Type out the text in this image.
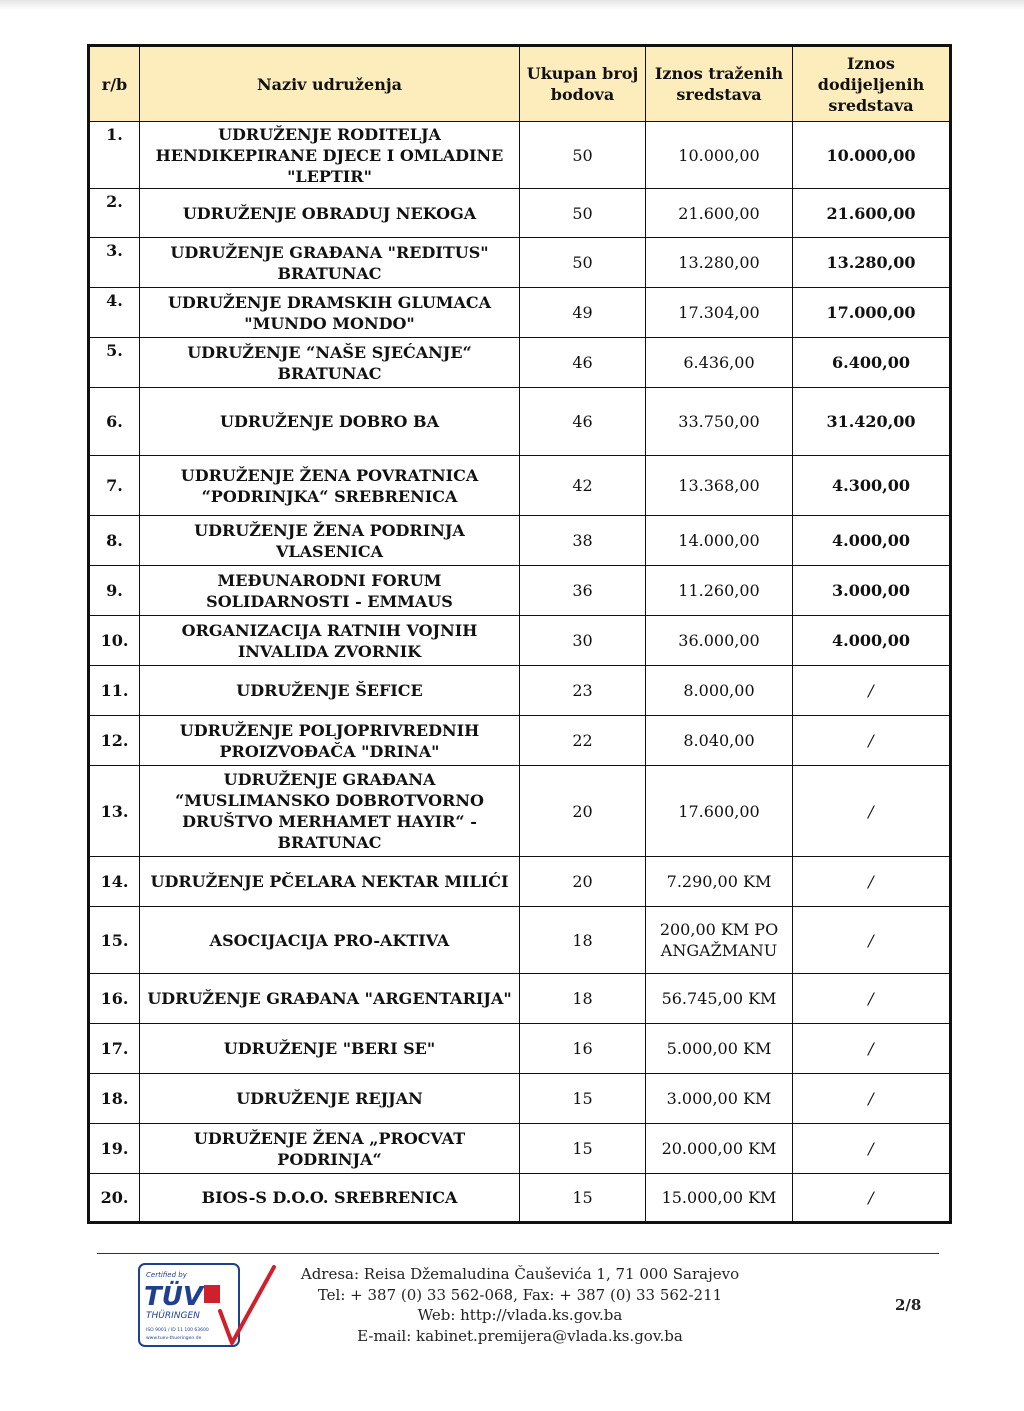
r/b	Naziv udruženja	Ukupan broj bodova	Iznos traženih sredstava	Iznos dodijeljenih sredstava
1.	UDRUŽENJE RODITELJA HENDIKEPIRANE DJECE I OMLADINE "LEPTIR"	50	10.000,00	10.000,00
2.	UDRUŽENJE OBRADUJ NEKOGA	50	21.600,00	21.600,00
3.	UDRUŽENJE GRAĐANA "REDITUS" BRATUNAC	50	13.280,00	13.280,00
4.	UDRUŽENJE DRAMSKIH GLUMACA "MUNDO MONDO"	49	17.304,00	17.000,00
5.	UDRUŽENJE “NAŠE SJEĆANJE“ BRATUNAC	46	6.436,00	6.400,00
6.	UDRUŽENJE DOBRO BA	46	33.750,00	31.420,00
7.	UDRUŽENJE ŽENA POVRATNICA “PODRINJKA“ SREBRENICA	42	13.368,00	4.300,00
8.	UDRUŽENJE ŽENA PODRINJA VLASENICA	38	14.000,00	4.000,00
9.	MEĐUNARODNI FORUM SOLIDARNOSTI - EMMAUS	36	11.260,00	3.000,00
10.	ORGANIZACIJA RATNIH VOJNIH INVALIDA ZVORNIK	30	36.000,00	4.000,00
11.	UDRUŽENJE ŠEFICE	23	8.000,00	/
12.	UDRUŽENJE POLJOPRIVREDNIH PROIZVOĐAČA "DRINA"	22	8.040,00	/
13.	UDRUŽENJE GRAĐANA “MUSLIMANSKO DOBROTVORNO DRUŠTVO MERHAMET HAYIR“ - BRATUNAC	20	17.600,00	/
14.	UDRUŽENJE PČELARA NEKTAR MILIĆI	20	7.290,00 KM	/
15.	ASOCIJACIJA PRO-AKTIVA	18	200,00 KM PO ANGAŽMANU	/
16.	UDRUŽENJE GRAĐANA "ARGENTARIJA"	18	56.745,00 KM	/
17.	UDRUŽENJE "BERI SE"	16	5.000,00 KM	/
18.	UDRUŽENJE REJJAN	15	3.000,00 KM	/
19.	UDRUŽENJE ŽENA „PROCVAT PODRINJA“	15	20.000,00 KM	/
20.	BIOS-S D.O.O. SREBRENICA	15	15.000,00 KM	/
Certified by
TÜV
THÜRINGEN
ISO 9001 / ID 11 100 63600
www.tuev-thueringen.de
Adresa: Reisa Džemaludina Čauševića 1, 71 000 Sarajevo
Tel: + 387 (0) 33 562-068, Fax: + 387 (0) 33 562-211
Web: http://vlada.ks.gov.ba
E-mail: kabinet.premijera@vlada.ks.gov.ba
2/8
